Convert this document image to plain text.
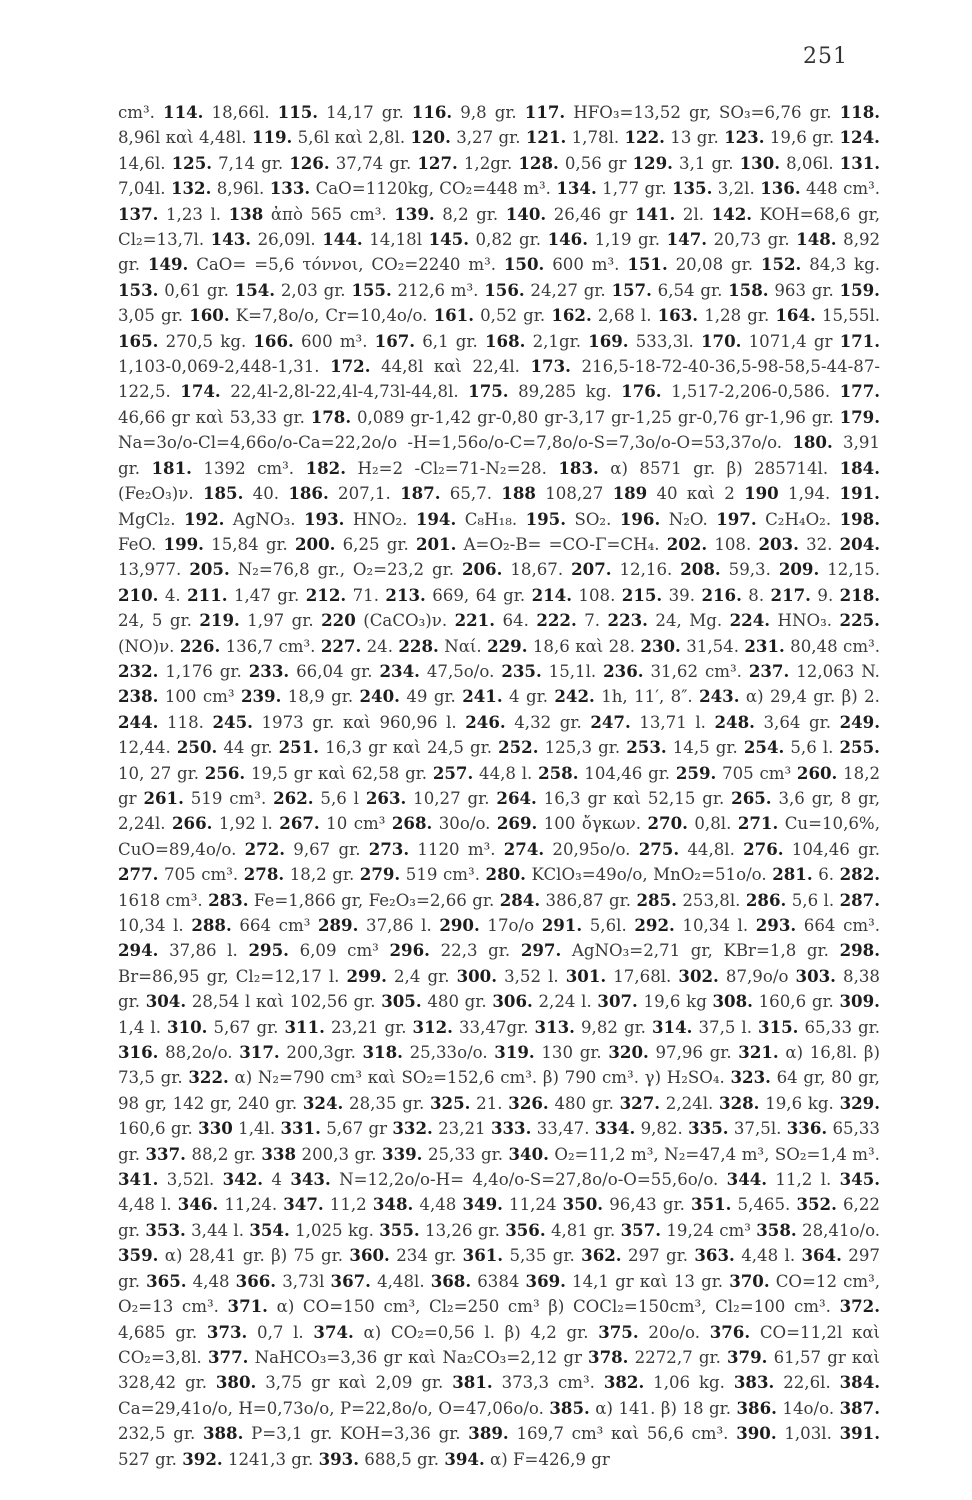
251
cm³. 114. 18,66l. 115. 14,17 gr. 116. 9,8 gr. 117. HFO₃=13,52 gr, SO₃=6,76 gr. 118. 8,96l καὶ 4,48l. 119. 5,6l καὶ 2,8l. 120. 3,27 gr. 121. 1,78l. 122. 13 gr. 123. 19,6 gr. 124. 14,6l. 125. 7,14 gr. 126. 37,74 gr. 127. 1,2gr. 128. 0,56 gr 129. 3,1 gr. 130. 8,06l. 131. 7,04l. 132. 8,96l. 133. CaO=1120kg, CO₂=448 m³. 134. 1,77 gr. 135. 3,2l. 136. 448 cm³. 137. 1,23 l. 138 ἀπὸ 565 cm³. 139. 8,2 gr. 140. 26,46 gr 141. 2l. 142. KOH=68,6 gr, Cl₂=13,7l. 143. 26,09l. 144. 14,18l 145. 0,82 gr. 146. 1,19 gr. 147. 20,73 gr. 148. 8,92 gr. 149. CaO= =5,6 τόννοι, CO₂=2240 m³. 150. 600 m³. 151. 20,08 gr. 152. 84,3 kg. 153. 0,61 gr. 154. 2,03 gr. 155. 212,6 m³. 156. 24,27 gr. 157. 6,54 gr. 158. 963 gr. 159. 3,05 gr. 160. K=7,8o/o, Cr=10,4o/o. 161. 0,52 gr. 162. 2,68 l. 163. 1,28 gr. 164. 15,55l. 165. 270,5 kg. 166. 600 m³. 167. 6,1 gr. 168. 2,1gr. 169. 533,3l. 170. 1071,4 gr 171. 1,103-0,069-2,448-1,31. 172. 44,8l καὶ 22,4l. 173. 216,5-18-72-40-36,5-98-58,5-44-87-122,5. 174. 22,4l-2,8l-22,4l-4,73l-44,8l. 175. 89,285 kg. 176. 1,517-2,206-0,586. 177. 46,66 gr καὶ 53,33 gr. 178. 0,089 gr-1,42 gr-0,80 gr-3,17 gr-1,25 gr-0,76 gr-1,96 gr. 179. Na=3o/o-Cl=4,66o/o-Ca=22,2o/o -H=1,56o/o-C=7,8o/o-S=7,3o/o-O=53,37o/o. 180. 3,91 gr. 181. 1392 cm³. 182. H₂=2 -Cl₂=71-N₂=28. 183. α) 8571 gr. β) 285714l. 184. (Fe₂O₃)ν. 185. 40. 186. 207,1. 187. 65,7. 188 108,27 189 40 καὶ 2 190 1,94. 191. MgCl₂. 192. AgNO₃. 193. HNO₂. 194. C₈H₁₈. 195. SO₂. 196. N₂O. 197. C₂H₄O₂. 198. FeO. 199. 15,84 gr. 200. 6,25 gr. 201. A=O₂-B= =CO-Γ=CH₄. 202. 108. 203. 32. 204. 13,977. 205. N₂=76,8 gr., O₂=23,2 gr. 206. 18,67. 207. 12,16. 208. 59,3. 209. 12,15. 210. 4. 211. 1,47 gr. 212. 71. 213. 669, 64 gr. 214. 108. 215. 39. 216. 8. 217. 9. 218. 24, 5 gr. 219. 1,97 gr. 220 (CaCO₃)ν. 221. 64. 222. 7. 223. 24, Mg. 224. HNO₃. 225. (NO)ν. 226. 136,7 cm³. 227. 24. 228. Nαί. 229. 18,6 καὶ 28. 230. 31,54. 231. 80,48 cm³. 232. 1,176 gr. 233. 66,04 gr. 234. 47,5o/o. 235. 15,1l. 236. 31,62 cm³. 237. 12,063 N. 238. 100 cm³ 239. 18,9 gr. 240. 49 gr. 241. 4 gr. 242. 1h, 11′, 8″. 243. α) 29,4 gr. β) 2. 244. 118. 245. 1973 gr. καὶ 960,96 l. 246. 4,32 gr. 247. 13,71 l. 248. 3,64 gr. 249. 12,44. 250. 44 gr. 251. 16,3 gr καὶ 24,5 gr. 252. 125,3 gr. 253. 14,5 gr. 254. 5,6 l. 255. 10, 27 gr. 256. 19,5 gr καὶ 62,58 gr. 257. 44,8 l. 258. 104,46 gr. 259. 705 cm³ 260. 18,2 gr 261. 519 cm³. 262. 5,6 l 263. 10,27 gr. 264. 16,3 gr καὶ 52,15 gr. 265. 3,6 gr, 8 gr, 2,24l. 266. 1,92 l. 267. 10 cm³ 268. 30o/o. 269. 100 ὄγκων. 270. 0,8l. 271. Cu=10,6%, CuO=89,4o/o. 272. 9,67 gr. 273. 1120 m³. 274. 20,95o/o. 275. 44,8l. 276. 104,46 gr. 277. 705 cm³. 278. 18,2 gr. 279. 519 cm³. 280. KClO₃=49o/o, MnO₂=51o/o. 281. 6. 282. 1618 cm³. 283. Fe=1,866 gr, Fe₂O₃=2,66 gr. 284. 386,87 gr. 285. 253,8l. 286. 5,6 l. 287. 10,34 l. 288. 664 cm³ 289. 37,86 l. 290. 17o/o 291. 5,6l. 292. 10,34 l. 293. 664 cm³. 294. 37,86 l. 295. 6,09 cm³ 296. 22,3 gr. 297. AgNO₃=2,71 gr, KBr=1,8 gr. 298. Br=86,95 gr, Cl₂=12,17 l. 299. 2,4 gr. 300. 3,52 l. 301. 17,68l. 302. 87,9o/o 303. 8,38 gr. 304. 28,54 l καὶ 102,56 gr. 305. 480 gr. 306. 2,24 l. 307. 19,6 kg 308. 160,6 gr. 309. 1,4 l. 310. 5,67 gr. 311. 23,21 gr. 312. 33,47gr. 313. 9,82 gr. 314. 37,5 l. 315. 65,33 gr. 316. 88,2o/o. 317. 200,3gr. 318. 25,33o/o. 319. 130 gr. 320. 97,96 gr. 321. α) 16,8l. β) 73,5 gr. 322. α) N₂=790 cm³ καὶ SO₂=152,6 cm³. β) 790 cm³. γ) H₂SO₄. 323. 64 gr, 80 gr, 98 gr, 142 gr, 240 gr. 324. 28,35 gr. 325. 21. 326. 480 gr. 327. 2,24l. 328. 19,6 kg. 329. 160,6 gr. 330 1,4l. 331. 5,67 gr 332. 23,21 333. 33,47. 334. 9,82. 335. 37,5l. 336. 65,33 gr. 337. 88,2 gr. 338 200,3 gr. 339. 25,33 gr. 340. O₂=11,2 m³, N₂=47,4 m³, SO₂=1,4 m³. 341. 3,52l. 342. 4 343. N=12,2o/o-H= 4,4o/o-S=27,8o/o-O=55,6o/o. 344. 11,2 l. 345. 4,48 l. 346. 11,24. 347. 11,2 348. 4,48 349. 11,24 350. 96,43 gr. 351. 5,465. 352. 6,22 gr. 353. 3,44 l. 354. 1,025 kg. 355. 13,26 gr. 356. 4,81 gr. 357. 19,24 cm³ 358. 28,41o/o. 359. α) 28,41 gr. β) 75 gr. 360. 234 gr. 361. 5,35 gr. 362. 297 gr. 363. 4,48 l. 364. 297 gr. 365. 4,48 366. 3,73l 367. 4,48l. 368. 6384 369. 14,1 gr καὶ 13 gr. 370. CO=12 cm³, O₂=13 cm³. 371. α) CO=150 cm³, Cl₂=250 cm³ β) COCl₂=150cm³, Cl₂=100 cm³. 372. 4,685 gr. 373. 0,7 l. 374. α) CO₂=0,56 l. β) 4,2 gr. 375. 20o/o. 376. CO=11,2l καὶ CO₂=3,8l. 377. NaHCO₃=3,36 gr καὶ Na₂CO₃=2,12 gr 378. 2272,7 gr. 379. 61,57 gr καὶ 328,42 gr. 380. 3,75 gr καὶ 2,09 gr. 381. 373,3 cm³. 382. 1,06 kg. 383. 22,6l. 384. Ca=29,41o/o, H=0,73o/o, P=22,8o/o, O=47,06o/o. 385. α) 141. β) 18 gr. 386. 14o/o. 387. 232,5 gr. 388. P=3,1 gr. KOH=3,36 gr. 389. 169,7 cm³ καὶ 56,6 cm³. 390. 1,03l. 391. 527 gr. 392. 1241,3 gr. 393. 688,5 gr. 394. α) F=426,9 gr
